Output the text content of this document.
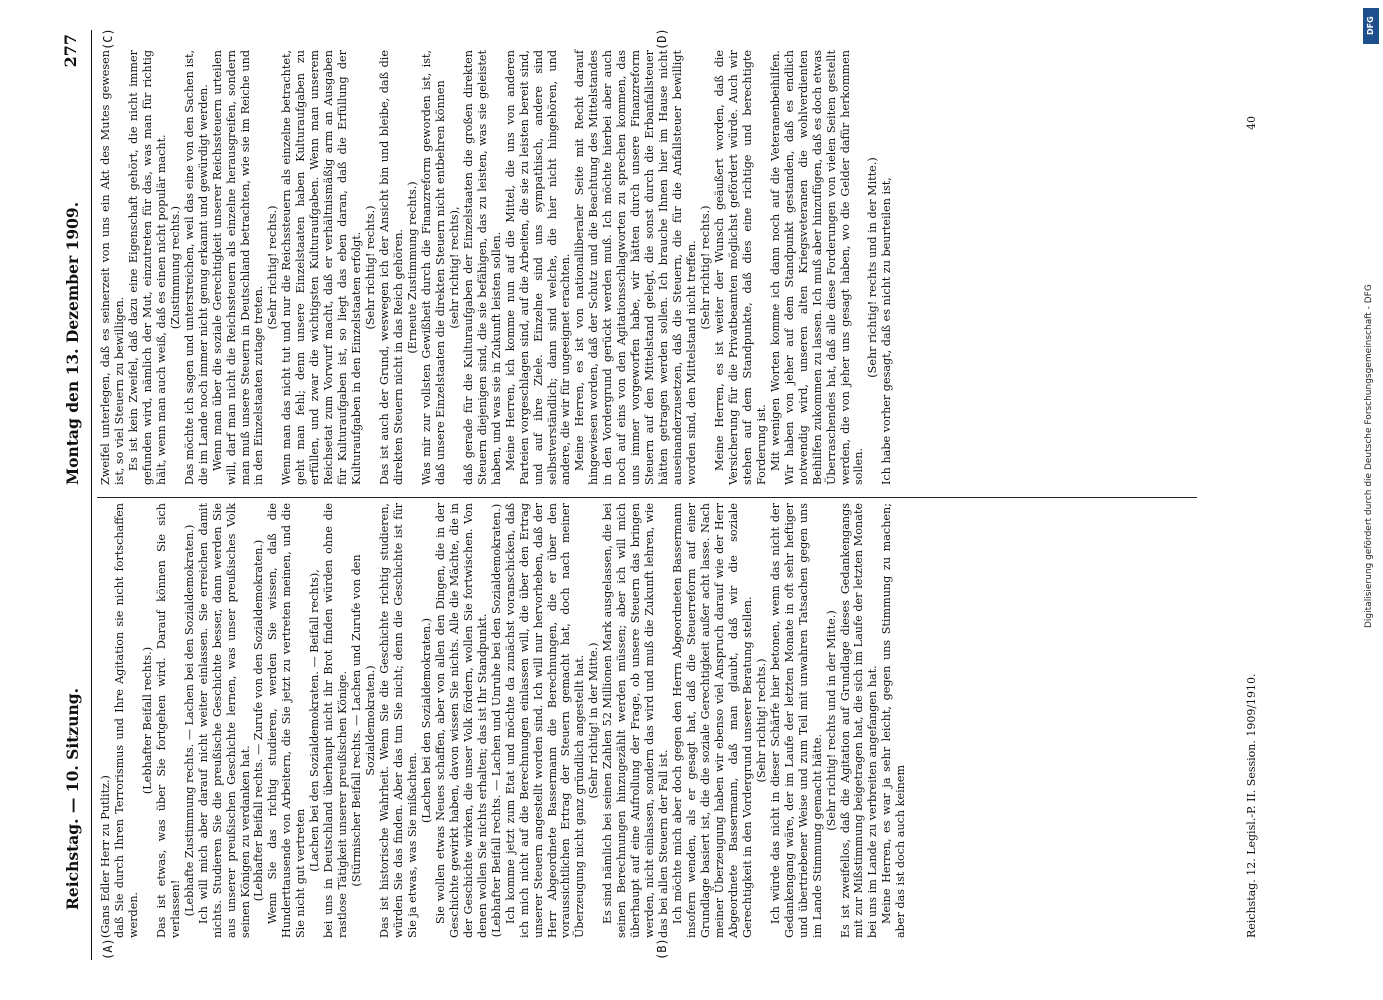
Reichstag. — 10. Sitzung.
Montag den 13. Dezember 1909.
277
(A)	(B)
(C)	(D)

(Gans Edler Herr zu Putlitz.) daß Sie durch Ihren Terrorismus und Ihre Agitation sie nicht fortschaffen werden.

(Lebhafter Beifall rechts.) Das ist etwas, was über Sie fortgehen wird. Darauf können Sie sich verlassen! (Lebhafte Zustimmung rechts. — Lachen bei den Sozialdemokraten.) Ich will mich aber darauf nicht weiter einlassen. Sie erreichen damit nichts. Studieren Sie die preußische Geschichte besser, dann werden Sie aus unserer preußischen Geschichte lernen, was unser preußisches Volk seinen Königen zu verdanken hat. (Lebhafter Beifall rechts. — Zurufe von den Sozialdemokraten.) Wenn Sie das richtig studieren, werden Sie wissen, daß die Hunderttausende von Arbeitern, die Sie jetzt zu vertreten meinen, und die Sie nicht gut vertreten

(Lachen bei den Sozialdemokraten. — Beifall rechts), bei uns in Deutschland überhaupt nicht ihr Brot finden würden ohne die rastlose Tätigkeit unserer preußischen Könige. (Stürmischer Beifall rechts. — Lachen und Zurufe von den Sozialdemokraten.) Das ist historische Wahrheit. Wenn Sie die Geschichte richtig studieren, würden Sie das finden. Aber das tun Sie nicht; denn die Geschichte ist für Sie ja etwas, was Sie mißachten.

(Lachen bei den Sozialdemokraten.) Sie wollen etwas Neues schaffen, aber von allen den Dingen, die in der Geschichte gewirkt haben, davon wissen Sie nichts. Alle die Mächte, die in der Geschichte wirken, die unser Volk fördern, wollen Sie fortwischen. Von denen wollen Sie nichts erhalten; das ist Ihr Standpunkt. (Lebhafter Beifall rechts. — Lachen und Unruhe bei den Sozialdemokraten.) Ich komme jetzt zum Etat und möchte da zunächst voranschicken, daß ich mich nicht auf die Berechnungen einlassen will, die über den Ertrag unserer Steuern angestellt worden sind. Ich will nur hervorheben, daß der Herr Abgeordnete Bassermann die Berechnungen, die er über den voraussichtlichen Ertrag der Steuern gemacht hat, doch nach meiner Überzeugung nicht ganz gründlich angestellt hat. (Sehr richtig! in der Mitte.) Es sind nämlich bei seinen Zahlen 52 Millionen Mark ausgelassen, die bei seinen Berechnungen hinzugezählt werden müssen; aber ich will mich überhaupt auf eine Aufrollung der Frage, ob unsere Steuern das bringen werden, nicht einlassen, sondern das wird und muß die Zukunft lehren, wie das bei allen Steuern der Fall ist. Ich möchte mich aber doch gegen den Herrn Abgeordneten Bassermann insofern wenden, als er gesagt hat, daß die Steuerreform auf einer Grundlage basiert ist, die die soziale Gerechtigkeit außer acht lasse. Nach meiner Überzeugung haben wir ebenso viel Anspruch darauf wie der Herr Abgeordnete Bassermann, daß man glaubt, daß wir die soziale Gerechtigkeit in den Vordergrund unserer Beratung stellen. (Sehr richtig! rechts.) Ich würde das nicht in dieser Schärfe hier betonen, wenn das nicht der Gedankengang wäre, der im Laufe der letzten Monate in oft sehr heftiger und übertriebener Weise und zum Teil mit unwahren Tatsachen gegen uns im Lande Stimmung gemacht hätte.

(Sehr richtig! rechts und in der Mitte.) Es ist zweifellos, daß die Agitation auf Grundlage dieses Gedankengangs mit zur Mißstimmung beigetragen hat, die sich im Laufe der letzten Monate bei uns im Lande zu verbreiten angefangen hat. Meine Herren, es war ja sehr leicht, gegen uns Stimmung zu machen; aber das ist doch auch keinem

Zweifel unterlegen, daß es seinerzeit von uns ein Akt des Mutes gewesen ist, so viel Steuern zu bewilligen. Es ist kein Zweifel, daß dazu eine Eigenschaft gehört, die nicht immer gefunden wird, nämlich der Mut, einzutreten für das, was man für richtig hält, wenn man auch weiß, daß es einen nicht populär macht. (Zustimmung rechts.) Das möchte ich sagen und unterstreichen, weil das eine von den Sachen ist, die im Lande noch immer nicht genug erkannt und gewürdigt werden. Wenn man über die soziale Gerechtigkeit unserer Reichssteuern urteilen will, darf man nicht die Reichssteuern als einzelne herausgreifen, sondern man muß unsere Steuern in Deutschland betrachten, wie sie im Reiche und in den Einzelstaaten zutage treten.

(Sehr richtig! rechts.) Wenn man das nicht tut und nur die Reichssteuern als einzelne betrachtet, geht man fehl; denn unsere Einzelstaaten haben Kulturaufgaben zu erfüllen, und zwar die wichtigsten Kulturaufgaben. Wenn man unserem Reichsetat zum Vorwurf macht, daß er verhältnismäßig arm an Ausgaben für Kulturaufgaben ist, so liegt das eben daran, daß die Erfüllung der Kulturaufgaben in den Einzelstaaten erfolgt. (Sehr richtig! rechts.) Das ist auch der Grund, weswegen ich der Ansicht bin und bleibe, daß die direkten Steuern nicht in das Reich gehören. (Erneute Zustimmung rechts.) Was mir zur vollsten Gewißheit durch die Finanzreform geworden ist, ist, daß unsere Einzelstaaten die direkten Steuern nicht entbehren können (sehr richtig! rechts), daß gerade für die Kulturaufgaben der Einzelstaaten die großen direkten Steuern diejenigen sind, die sie befähigen, das zu leisten, was sie geleistet haben, und was sie in Zukunft leisten sollen. Meine Herren, ich komme nun auf die Mittel, die uns von anderen Parteien vorgeschlagen sind, auf die Arbeiten, die sie zu leisten bereit sind, und auf ihre Ziele. Einzelne sind uns sympathisch, andere sind selbstverständlich; dann sind welche, die hier nicht hingehören, und andere, die wir für ungeeignet erachten. Meine Herren, es ist von nationalliberaler Seite mit Recht darauf hingewiesen worden, daß der Schutz und die Beachtung des Mittelstandes in den Vordergrund gerückt werden muß. Ich möchte hierbei aber auch noch auf eins von den Agitationsschlagworten zu sprechen kommen, das uns immer vorgeworfen habe, wir hätten durch unsere Finanzreform Steuern auf den Mittelstand gelegt, die sonst durch die Erbanfallsteuer hätten getragen werden sollen. Ich brauche Ihnen hier im Hause nicht auseinanderzusetzen, daß die Steuern, die für die Anfallsteuer bewilligt worden sind, den Mittelstand nicht treffen. (Sehr richtig! rechts.) Meine Herren, es ist weiter der Wunsch geäußert worden, daß die Versicherung für die Privatbeamten möglichst gefördert würde. Auch wir stehen auf dem Standpunkte, daß dies eine richtige und berechtigte Forderung ist. Mit wenigen Worten komme ich dann noch auf die Veteranenbeihilfen. Wir haben von jeher auf dem Standpunkt gestanden, daß es endlich notwendig wird, unseren alten Kriegsveteranen die wohlverdienten Beihilfen zukommen zu lassen. Ich muß aber hinzufügen, daß es doch etwas Überraschendes hat, daß alle diese Forderungen von vielen Seiten gestellt werden, die von jeher uns gesagt haben, wo die Gelder dafür herkommen sollen.

(Sehr richtig! rechts und in der Mitte.) Ich habe vorher gesagt, daß es nicht zu beurteilen ist,

Reichstag. 12. Legisl.-P. II. Session. 1909/1910.
40
DFG
Digitalisierung gefördert durch die Deutsche Forschungsgemeinschaft - DFG
